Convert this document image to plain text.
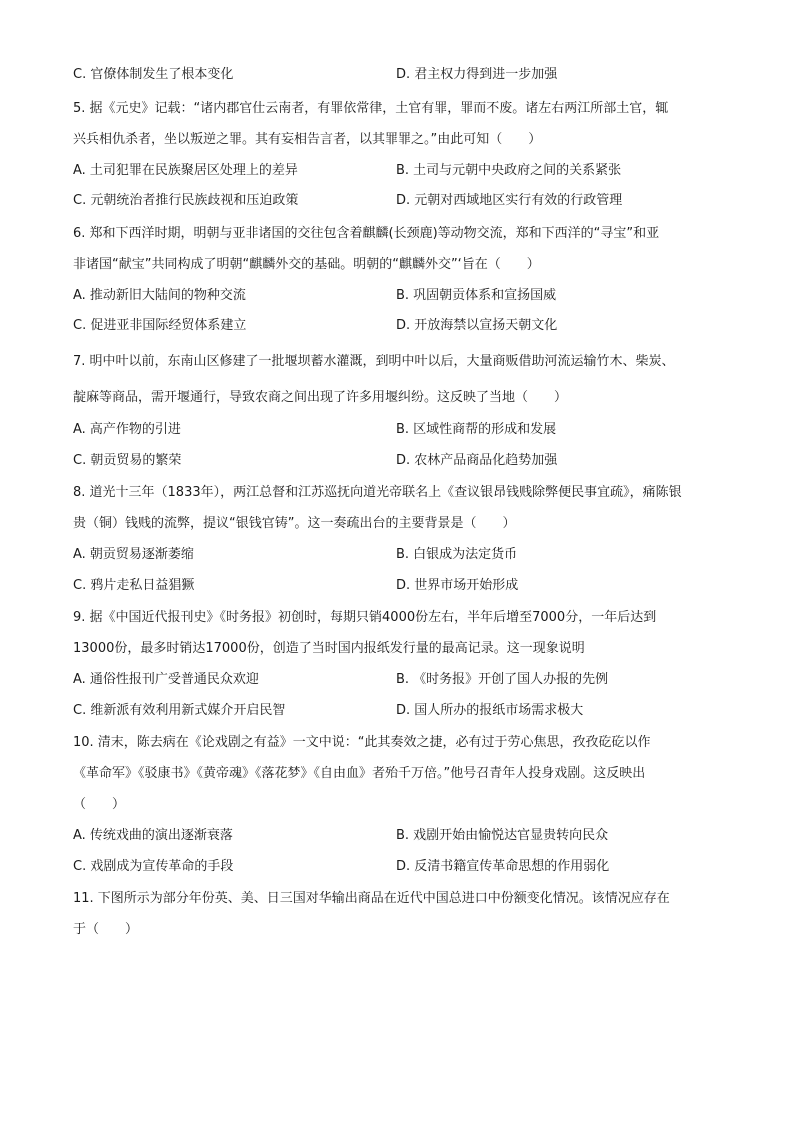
C. 官僚体制发生了根本变化	D. 君主权力得到进一步加强
5. 据《元史》记载：“诸内郡官仕云南者，有罪依常律，土官有罪，罪而不废。诸左右两江所部土官，辄
兴兵相仇杀者，坐以叛逆之罪。其有妄相告言者，以其罪罪之。”由此可知（　　）
A. 土司犯罪在民族聚居区处理上的差异	B. 土司与元朝中央政府之间的关系紧张
C. 元朝统治者推行民族歧视和压迫政策	D. 元朝对西域地区实行有效的行政管理
6. 郑和下西洋时期，明朝与亚非诸国的交往包含着麒麟(长颈鹿)等动物交流，郑和下西洋的“寻宝”和亚
非诸国“献宝”共同构成了明朝“麒麟外交的基础。明朝的“麒麟外交”‘旨在（　　）
A. 推动新旧大陆间的物种交流	B. 巩固朝贡体系和宣扬国威
C. 促进亚非国际经贸体系建立	D. 开放海禁以宣扬天朝文化
7. 明中叶以前，东南山区修建了一批堰坝蓄水灌溉，到明中叶以后，大量商贩借助河流运输竹木、柴炭、
靛麻等商品，需开堰通行，导致农商之间出现了许多用堰纠纷。这反映了当地（　　）
A. 高产作物的引进	B. 区域性商帮的形成和发展
C. 朝贡贸易的繁荣	D. 农林产品商品化趋势加强
8. 道光十三年（1833年），两江总督和江苏巡抚向道光帝联名上《查议银昂钱贱除弊便民事宜疏》，痛陈银
贵（铜）钱贱的流弊，提议“银钱官铸”。这一奏疏出台的主要背景是（　　）
A. 朝贡贸易逐渐萎缩	B. 白银成为法定货币
C. 鸦片走私日益猖獗	D. 世界市场开始形成
9. 据《中国近代报刊史》《时务报》初创时，每期只销4000份左右，半年后增至7000分，一年后达到
13000份，最多时销达17000份，创造了当时国内报纸发行量的最高记录。这一现象说明
A. 通俗性报刊广受普通民众欢迎	B. 《时务报》开创了国人办报的先例
C. 维新派有效利用新式媒介开启民智	D. 国人所办的报纸市场需求极大
10. 清末，陈去病在《论戏剧之有益》一文中说：“此其奏效之捷，必有过于劳心焦思，孜孜矻矻以作
《革命军》《驳康书》《黄帝魂》《落花梦》《自由血》者殆千万倍。”他号召青年人投身戏剧。这反映出
（　　）
A. 传统戏曲的演出逐渐衰落	B. 戏剧开始由愉悦达官显贵转向民众
C. 戏剧成为宣传革命的手段	D. 反清书籍宣传革命思想的作用弱化
11. 下图所示为部分年份英、美、日三国对华输出商品在近代中国总进口中份额变化情况。该情况应存在
于（　　）
